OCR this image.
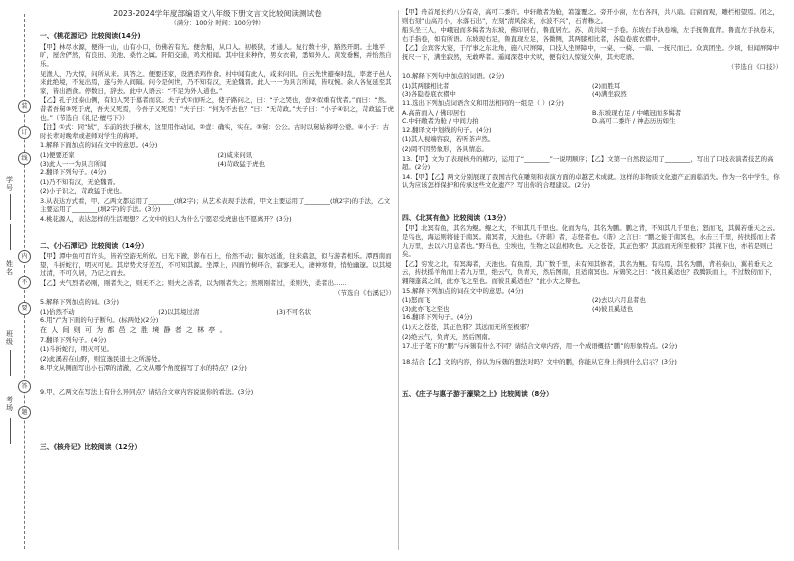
装
订
线
内
不
要
答
题
学号
姓名
班级
考场
2023-2024学年度部编语文八年级下册文言文比较阅读测试卷
（满分：100分 时间：100分钟）
一、《桃花源记》比较阅读(14分)

【甲】林尽水源，便得一山，山有小口，仿佛若有光。便舍船，从口入。初极狭，才通人。复行数十步，豁然开朗。土地平旷，屋舍俨然，有良田、美池、桑竹之属。阡陌交通，鸡犬相闻。其中往来种作，男女衣着，悉如外人。黄发垂髫，并怡然自乐。

见渔人，乃大惊，问所从来。具答之。便要还家，设酒杀鸡作食。村中闻有此人，咸来问讯。自云先世避秦时乱，率妻子邑人来此绝境，不复出焉，遂与外人间隔。问今是何世，乃不知有汉，无论魏晋。此人一一为具言所闻，皆叹惋。余人各复延至其家，皆出酒食。停数日，辞去。此中人语云：“不足为外人道也。”

【乙】孔子过泰山侧，有妇人哭于墓者而哀。夫子式①而听之，使子路问之，曰：“子之哭也，壹②似重有忧者。”而曰：“然。昔者吾舅③死于虎，吾夫又死焉，今吾子又死焉！”夫子曰：“何为不去也？”曰：“无苛政。”夫子曰：“小子④识之，苛政猛于虎也。”（节选自《礼记·檀弓下》）

【注】①式：同“轼”，车前的扶手横木，这里用作动词。②壹：确实，实在。③舅：公公。古时以舅姑称呼公婆。④小子：古时长辈对晚辈或老师对学生的称呼。

1.解释下面加点的词在文中的意思。(4分)

(1)便要还家	(2)咸来问讯
(3)此人一一为具言所闻	(4)苛政猛于虎也

2.翻译下列句子。(4分)

(1)乃不知有汉，无论魏晋。

(2)小子识之，苛政猛于虎也。

3.从表达方式看，甲、乙两文都运用了________(填2字)；从艺术表现手法看，甲文主要运用了________(填2字)的手法，乙文主要运用了________(填2字)的手法。(3分)

4.桃花源人，表达怎样的生活理想？乙文中的妇人为什么宁愿忍受虎患也不愿离开？(3分)

二、《小石潭记》比较阅读（14分）

【甲】潭中鱼可百许头，皆若空游无所依。日光下澈，影布石上，佁然不动；俶尔远逝，往来翕忽，似与游者相乐。潭西南而望，斗折蛇行，明灭可见。其岸势犬牙差互，不可知其源。坐潭上，四面竹树环合，寂寥无人，凄神寒骨，悄怆幽邃。以其境过清，不可久居，乃记之而去。

【乙】夫气烈者必刚，刚者失之，则无不之；则夫之善者，以为刚者失之；然则刚者过，柔则失，柔者出……

（节选自《右溪记》）

5.解释下列加点的词。(3分)

(1)佁然不动	(2)以其境过清	(3)不可名状

6.用“/”为下面的句子断句。(标两处)(2分)

在 人 间 则 可 为 都 邑 之 胜 境 静 者 之 林 亭 。

7.翻译下列句子。(4分)

(1)斗折蛇行，明灭可见。

(2)此溪若在山野，则宜逸民退士之所游处。

8.甲文从侧面写出小石潭的清澈，乙文从哪个角度描写了水的特点？(2分)

9.甲、乙两文在写法上有什么异同点？请结合文章内容说说你的看法。(3分)

三、《核舟记》比较阅读（12分）

【甲】舟首尾长约八分有奇，高可二黍许。中轩敞者为舱，箬篷覆之。旁开小窗，左右各四，共八扇。启窗而观，雕栏相望焉。闭之，则右刻“山高月小，水落石出”，左刻“清风徐来，水波不兴”，石青糁之。

船头坐三人，中峨冠而多髯者为东坡，佛印居右，鲁直居左。苏、黄共阅一手卷。东坡右手执卷端，左手抚鲁直背。鲁直左手执卷末，右手指卷，如有所语。东坡现右足，鲁直现左足，各微侧，其两膝相比者，各隐卷底衣褶中。

【乙】会宾客大宴，于厅事之东北角，施八尺屏障，口技人坐屏障中，一桌、一椅、一扇、一抚尺而已。众宾团坐。少顷，但闻屏障中抚尺一下，满坐寂然，无敢哗者。遥闻深巷中犬吠，便有妇人惊觉欠伸，其夫呓语。

（节选自《口技》）

10.解释下列句中加点的词语。(2分)

(1)其两膝相比者	(2)而胜耳
(3)各隐卷底衣褶中	(4)满坐寂然

11.选出下列加点词语含义和用法相同的一组是（ ）(2分)

A.高苗而入 / 佛印居右	B.东坡现右足 / 中峨冠而多髯者
C.中轩敞者为舱 / 中间力拍	D.高可二黍许 / 神态历历如生

12.翻译文中划线的句子。(4分)

(1)其人视端容寂，若听茶声然。

(2)罔不因势象形，各具情态。

13.【甲】文为了表现核舟的精巧，运用了“________”一说明顺序；【乙】文第一自然段运用了________，写出了口技表演者技艺的高超。(2分)

14.【甲】【乙】两文分别展现了我国古代在雕刻和表演方面的卓越艺术成就。这样的非物质文化遗产正面临消失。作为一名中学生，你认为应该怎样保护和传承这些文化遗产？写出你的合理建议。(2分)

四、《北冥有鱼》比较阅读（13分）

【甲】北冥有鱼，其名为鲲。鲲之大，不知其几千里也。化而为鸟，其名为鹏。鹏之背，不知其几千里也；怒而飞，其翼若垂天之云。是鸟也，海运则将徙于南冥。南冥者，天池也。《齐谐》者，志怪者也。《谐》之言曰：“鹏之徙于南冥也，水击三千里，抟扶摇而上者九万里，去以六月息者也。”野马也，尘埃也，生物之以息相吹也。天之苍苍，其正色邪？其远而无所至极邪？其视下也，亦若是则已矣。

【乙】穷发之北，有冥海者，天池也。有鱼焉，其广数千里，未有知其修者，其名为鲲。有鸟焉，其名为鹏，背若泰山，翼若垂天之云，抟扶摇羊角而上者九万里，绝云气，负青天，然后图南，且适南冥也。斥鴳笑之曰：“彼且奚适也？我腾跃而上，不过数仞而下，翱翔蓬蒿之间，此亦飞之至也。而彼且奚适也？”此小大之辩也。

15.解释下列加点的词在文中的意思。(4分)

(1)怒而飞	(2)去以六月息者也
(3)此亦飞之至也	(4)彼且奚适也

16.翻译下列句子。(4分)

(1)天之苍苍，其正色邪？其远而无所至极邪？

(2)绝云气，负青天，然后图南。

17.庄子笔下的“鹏”与斥鴳有什么不同？请结合文章内容，用一个成语概括“鹏”的形象特点。(2分)

18.结合【乙】文的内容，你认为斥鴳的想法对吗？文中的鹏，你能从它身上得到什么启示？(3分)

五、《庄子与惠子游于濠梁之上》比较阅读（8分）
